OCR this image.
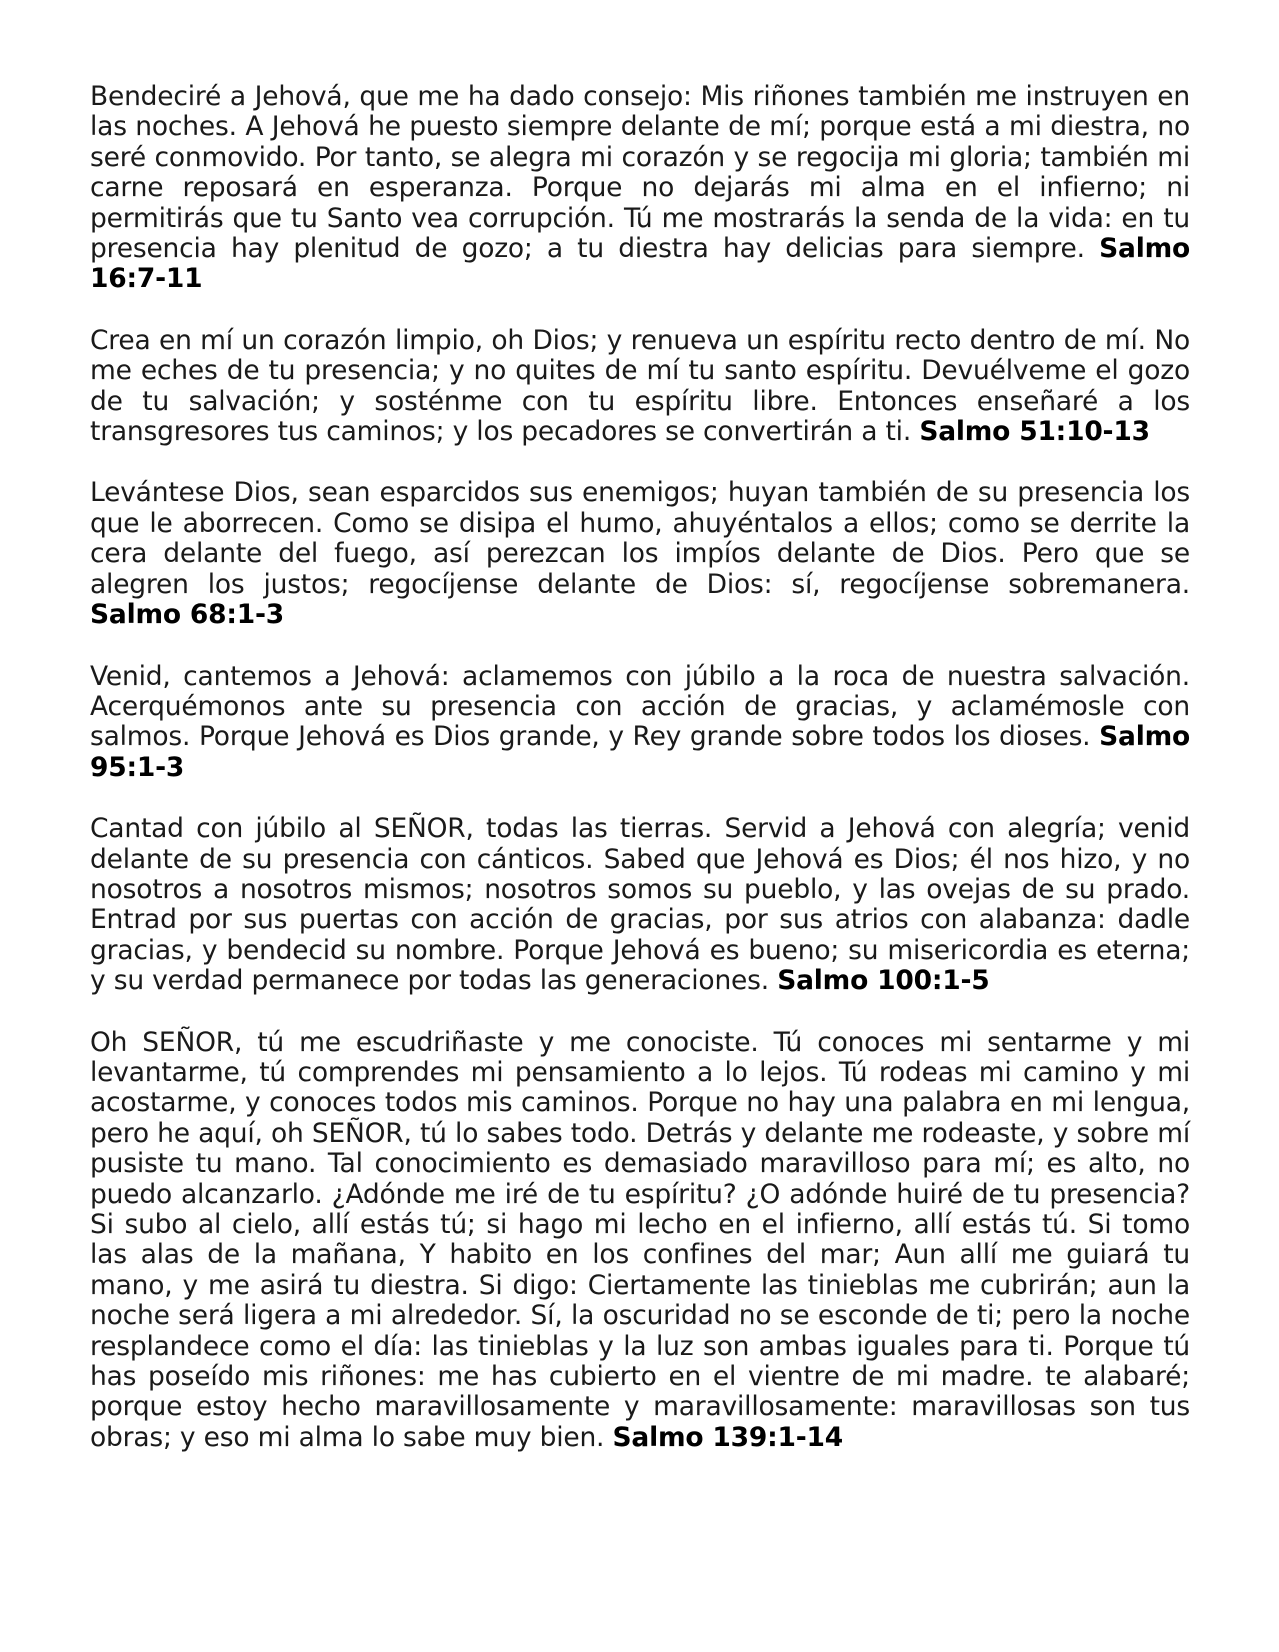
Bendeciré a Jehová, que me ha dado consejo: Mis riñones también me instruyen en las noches. A Jehová he puesto siempre delante de mí; porque está a mi diestra, no seré conmovido. Por tanto, se alegra mi corazón y se regocija mi gloria; también mi carne reposará en esperanza. Porque no dejarás mi alma en el infierno; ni permitirás que tu Santo vea corrupción. Tú me mostrarás la senda de la vida: en tu presencia hay plenitud de gozo; a tu diestra hay delicias para siempre. Salmo 16:7-11

Crea en mí un corazón limpio, oh Dios; y renueva un espíritu recto dentro de mí. No me eches de tu presencia; y no quites de mí tu santo espíritu. Devuélveme el gozo de tu salvación; y sosténme con tu espíritu libre. Entonces enseñaré a los transgresores tus caminos; y los pecadores se convertirán a ti. Salmo 51:10-13

Levántese Dios, sean esparcidos sus enemigos; huyan también de su presencia los que le aborrecen. Como se disipa el humo, ahuyéntalos a ellos; como se derrite la cera delante del fuego, así perezcan los impíos delante de Dios. Pero que se alegren los justos; regocíjense delante de Dios: sí, regocíjense sobremanera. Salmo 68:1-3

Venid, cantemos a Jehová: aclamemos con júbilo a la roca de nuestra salvación. Acerquémonos ante su presencia con acción de gracias, y aclamémosle con salmos. Porque Jehová es Dios grande, y Rey grande sobre todos los dioses. Salmo 95:1-3

Cantad con júbilo al SEÑOR, todas las tierras. Servid a Jehová con alegría; venid delante de su presencia con cánticos. Sabed que Jehová es Dios; él nos hizo, y no nosotros a nosotros mismos; nosotros somos su pueblo, y las ovejas de su prado. Entrad por sus puertas con acción de gracias, por sus atrios con alabanza: dadle gracias, y bendecid su nombre. Porque Jehová es bueno; su misericordia es eterna; y su verdad permanece por todas las generaciones. Salmo 100:1-5

Oh SEÑOR, tú me escudriñaste y me conociste. Tú conoces mi sentarme y mi levantarme, tú comprendes mi pensamiento a lo lejos. Tú rodeas mi camino y mi acostarme, y conoces todos mis caminos. Porque no hay una palabra en mi lengua, pero he aquí, oh SEÑOR, tú lo sabes todo. Detrás y delante me rodeaste, y sobre mí pusiste tu mano. Tal conocimiento es demasiado maravilloso para mí; es alto, no puedo alcanzarlo. ¿Adónde me iré de tu espíritu? ¿O adónde huiré de tu presencia? Si subo al cielo, allí estás tú; si hago mi lecho en el infierno, allí estás tú. Si tomo las alas de la mañana, Y habito en los confines del mar; Aun allí me guiará tu mano, y me asirá tu diestra. Si digo: Ciertamente las tinieblas me cubrirán; aun la noche será ligera a mi alrededor. Sí, la oscuridad no se esconde de ti; pero la noche resplandece como el día: las tinieblas y la luz son ambas iguales para ti. Porque tú has poseído mis riñones: me has cubierto en el vientre de mi madre. te alabaré; porque estoy hecho maravillosamente y maravillosamente: maravillosas son tus obras; y eso mi alma lo sabe muy bien. Salmo 139:1-14
